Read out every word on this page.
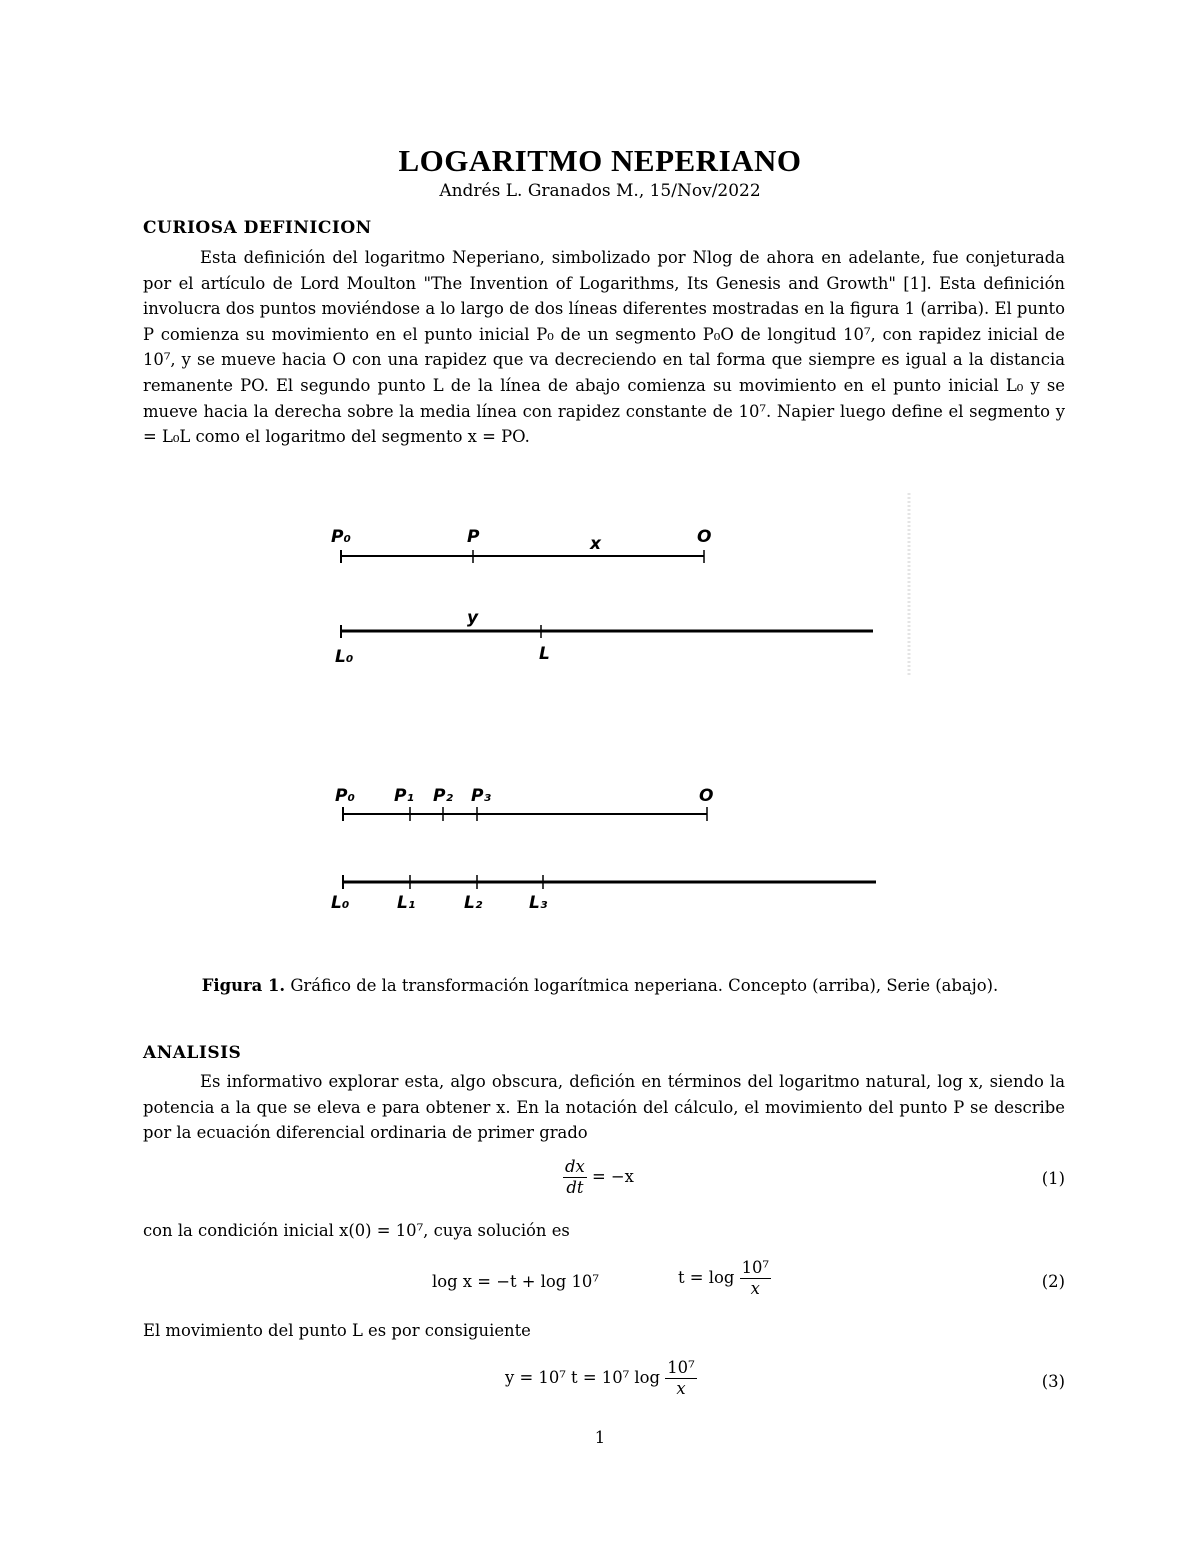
LOGARITMO NEPERIANO
Andrés L. Granados M., 15/Nov/2022
CURIOSA DEFINICION

Esta definición del logaritmo Neperiano, simbolizado por Nlog de ahora en adelante, fue conjeturada por el artículo de Lord Moulton "The Invention of Logarithms, Its Genesis and Growth" [1]. Esta definición involucra dos puntos moviéndose a lo largo de dos líneas diferentes mostradas en la figura 1 (arriba). El punto P comienza su movimiento en el punto inicial P₀ de un segmento P₀O de longitud 10⁷, con rapidez inicial de 10⁷, y se mueve hacia O con una rapidez que va decreciendo en tal forma que siempre es igual a la distancia remanente PO. El segundo punto L de la línea de abajo comienza su movimiento en el punto inicial L₀ y se mueve hacia la derecha sobre la media línea con rapidez constante de 10⁷. Napier luego define el segmento y = L₀L como el logaritmo del segmento x = PO.

P₀	P	x	O
y
L₀	L
P₀ P₁ P₂ P₃	O
L₀	L₁	L₂	L₃
Figura 1. Gráfico de la transformación logarítmica neperiana. Concepto (arriba), Serie (abajo).
ANALISIS

Es informativo explorar esta, algo obscura, defición en términos del logaritmo natural, log x, siendo la potencia a la que se eleva e para obtener x. En la notación del cálculo, el movimiento del punto P se describe por la ecuación diferencial ordinaria de primer grado

$\frac{dx}{dt} = -x$	(1)

con la condición inicial x(0) = 10⁷, cuya solución es

log x = −t + log 10⁷	$t = \log \frac{\text{10⁷}}{x}$	(2)

El movimiento del punto L es por consiguiente

y = 10⁷ t = 10⁷ $\log \frac{\text{10⁷}}{x}$	(3)
1
